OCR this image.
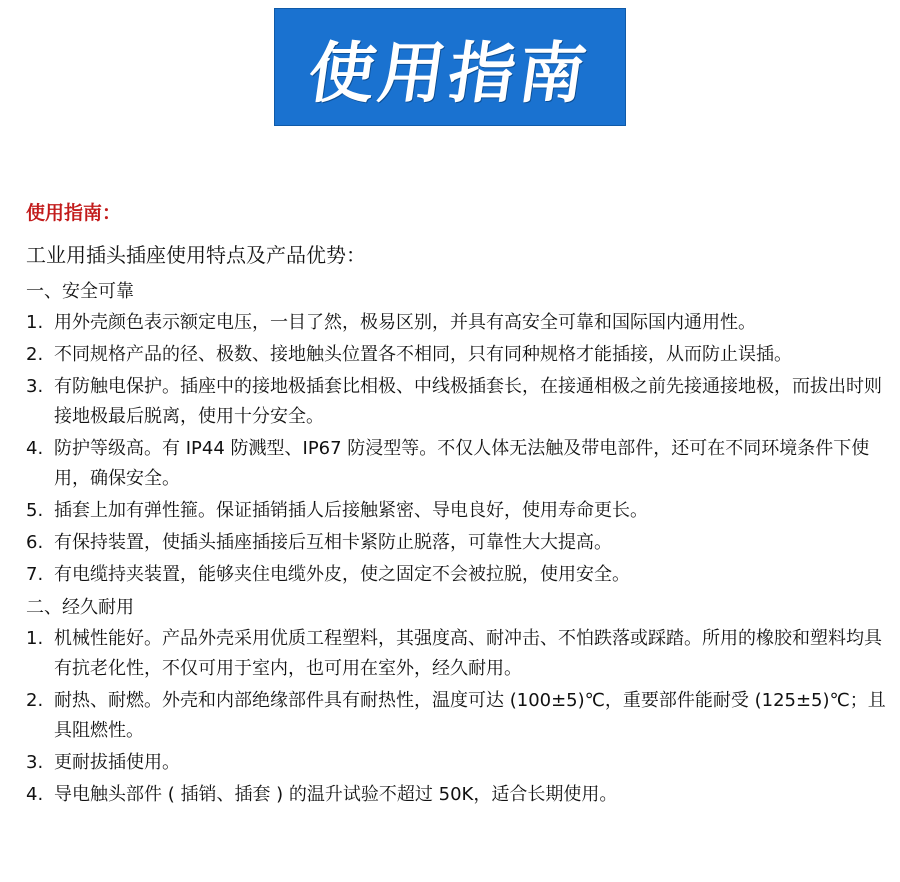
使用指南
使用指南：
工业用插头插座使用特点及产品优势：
一、安全可靠
1. 用外壳颜色表示额定电压，一目了然，极易区别，并具有高安全可靠和国际国内通用性。
2. 不同规格产品的径、极数、接地触头位置各不相同，只有同种规格才能插接，从而防止误插。
3. 有防触电保护。插座中的接地极插套比相极、中线极插套长，在接通相极之前先接通接地极，而拔出时则接地极最后脱离，使用十分安全。
4. 防护等级高。有 IP44 防溅型、IP67 防浸型等。不仅人体无法触及带电部件，还可在不同环境条件下使用，确保安全。
5. 插套上加有弹性箍。保证插销插人后接触紧密、导电良好，使用寿命更长。
6. 有保持装置，使插头插座插接后互相卡紧防止脱落，可靠性大大提高。
7. 有电缆持夹装置，能够夹住电缆外皮，使之固定不会被拉脱，使用安全。
二、经久耐用
1. 机械性能好。产品外壳采用优质工程塑料，其强度高、耐冲击、不怕跌落或踩踏。所用的橡胶和塑料均具有抗老化性，不仅可用于室内，也可用在室外，经久耐用。
2. 耐热、耐燃。外壳和内部绝缘部件具有耐热性，温度可达 (100±5)℃，重要部件能耐受 (125±5)℃；且具阻燃性。
3. 更耐拔插使用。
4. 导电触头部件 ( 插销、插套 ) 的温升试验不超过 50K，适合长期使用。
